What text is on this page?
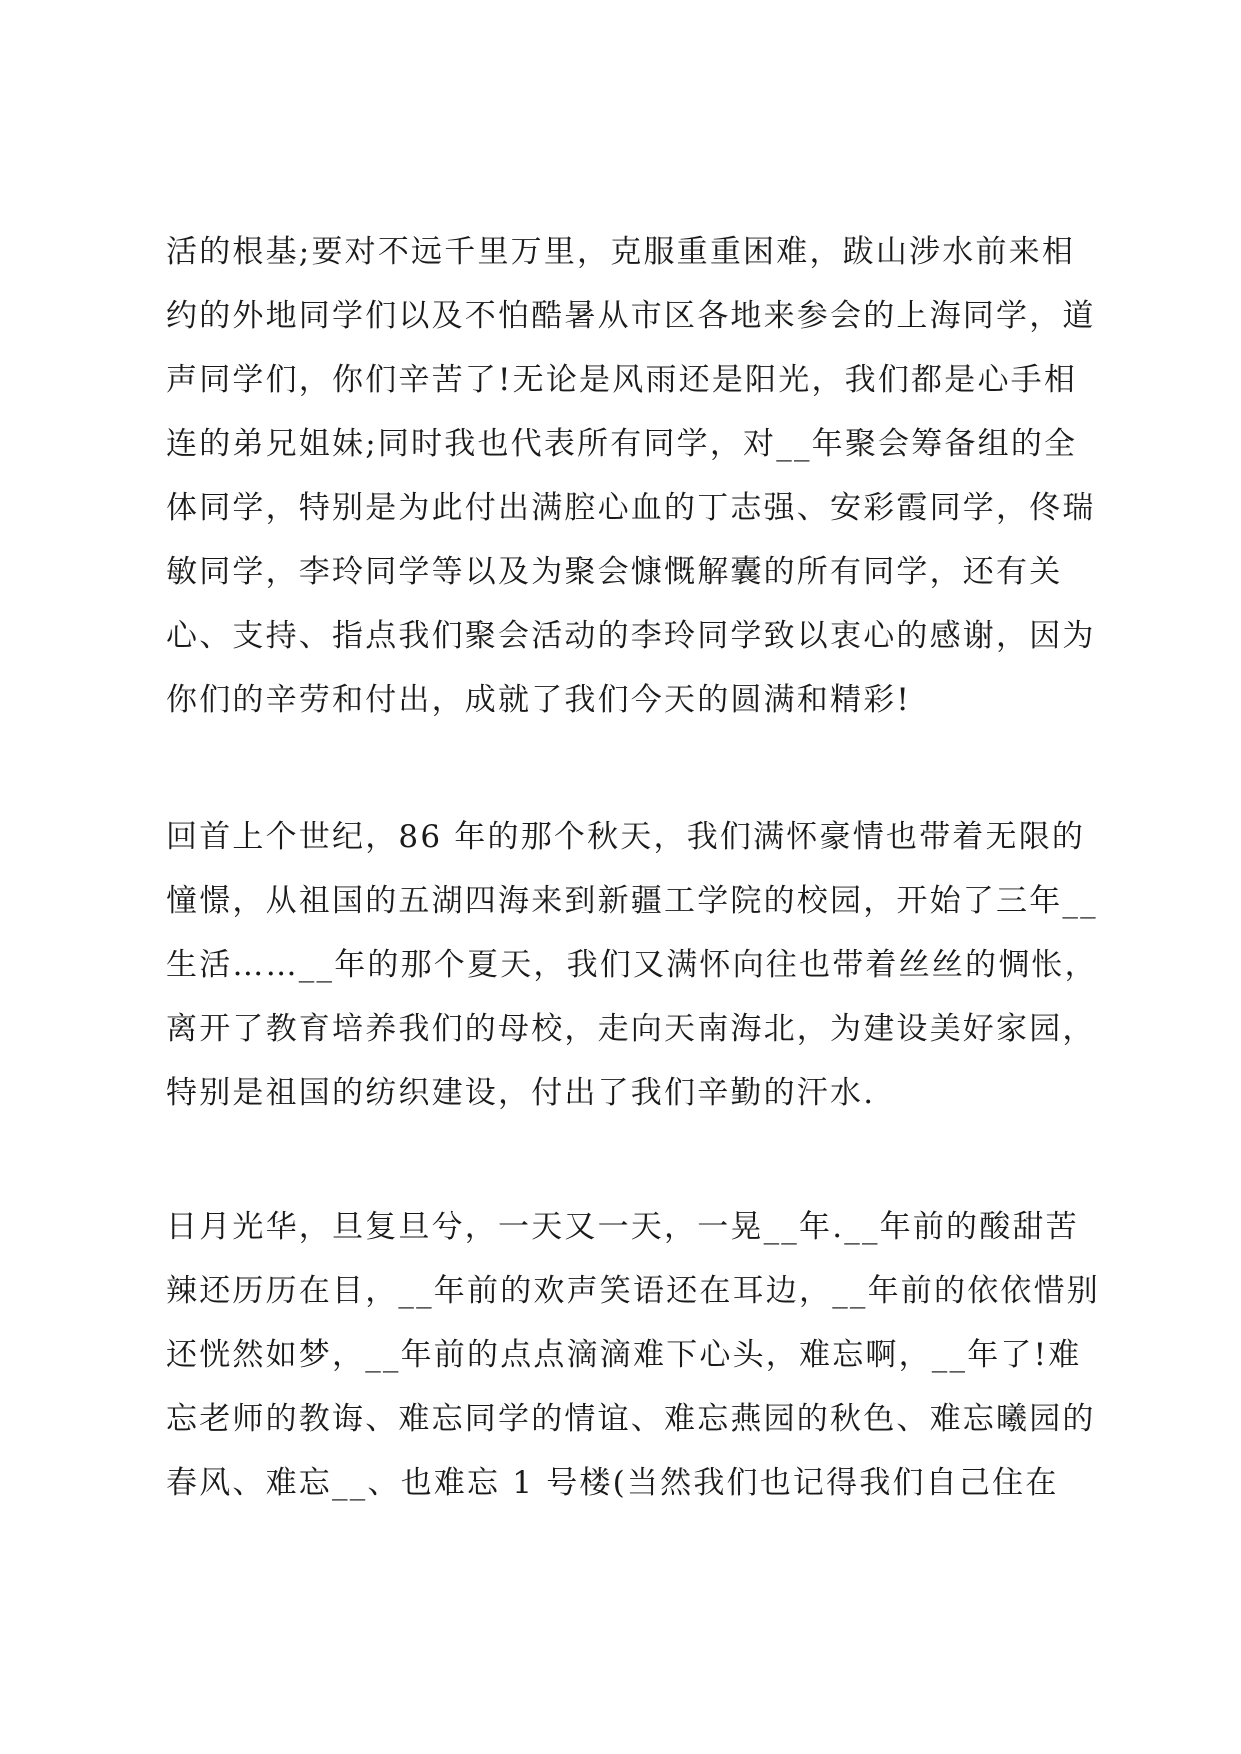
活的根基;要对不远千里万里，克服重重困难，跋山涉水前来相
约的外地同学们以及不怕酷暑从市区各地来参会的上海同学，道
声同学们，你们辛苦了!无论是风雨还是阳光，我们都是心手相
连的弟兄姐妹;同时我也代表所有同学，对__年聚会筹备组的全
体同学，特别是为此付出满腔心血的丁志强、安彩霞同学，佟瑞
敏同学，李玲同学等以及为聚会慷慨解囊的所有同学，还有关
心、支持、指点我们聚会活动的李玲同学致以衷心的感谢，因为
你们的辛劳和付出，成就了我们今天的圆满和精彩!
回首上个世纪，86 年的那个秋天，我们满怀豪情也带着无限的
憧憬，从祖国的五湖四海来到新疆工学院的校园，开始了三年__
生活……__年的那个夏天，我们又满怀向往也带着丝丝的惆怅，
离开了教育培养我们的母校，走向天南海北，为建设美好家园，
特别是祖国的纺织建设，付出了我们辛勤的汗水.
日月光华，旦复旦兮，一天又一天，一晃__年.__年前的酸甜苦
辣还历历在目，__年前的欢声笑语还在耳边，__年前的依依惜别
还恍然如梦，__年前的点点滴滴难下心头，难忘啊，__年了!难
忘老师的教诲、难忘同学的情谊、难忘燕园的秋色、难忘曦园的
春风、难忘__、也难忘 1 号楼(当然我们也记得我们自己住在
